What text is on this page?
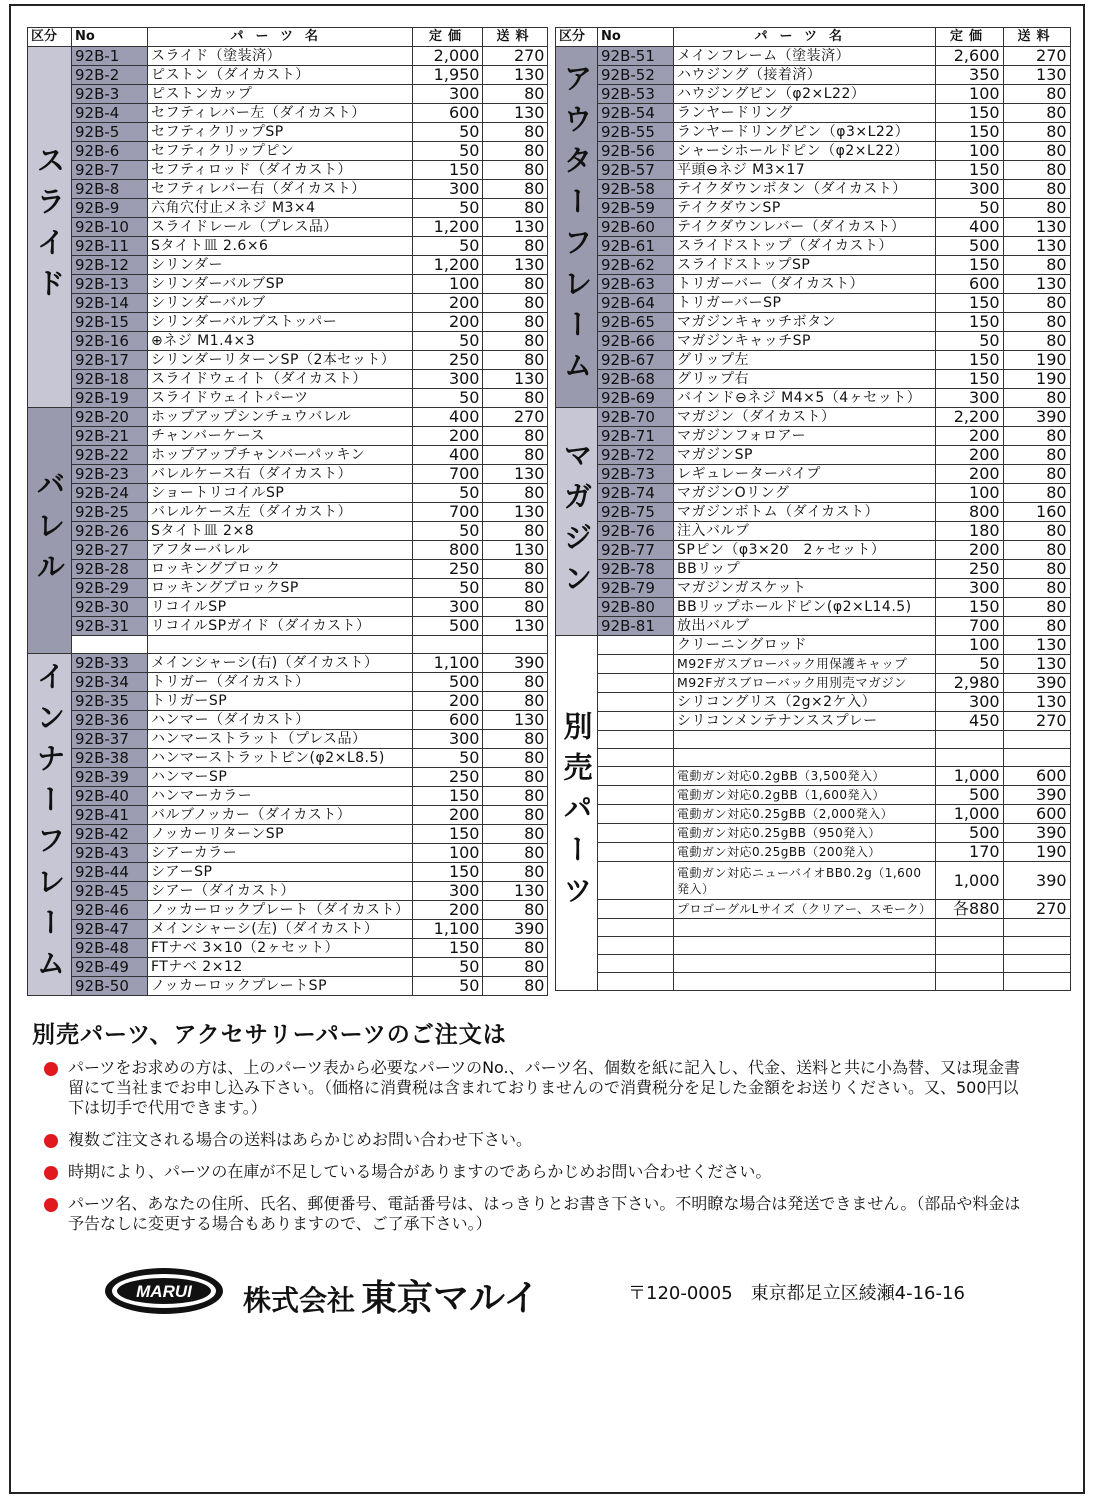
区分	No	パーツ名	定価	送料

スライド	92B-1	スライド（塗装済）	2,000	270
	92B-2	ピストン（ダイカスト）	1,950	130
	92B-3	ピストンカップ	300	80
	92B-4	セフティレバー左（ダイカスト）	600	130
	92B-5	セフティクリップSP	50	80
	92B-6	セフティクリップピン	50	80
	92B-7	セフティロッド（ダイカスト）	150	80
	92B-8	セフティレバー右（ダイカスト）	300	80
	92B-9	六角穴付止メネジ M3×4	50	80
	92B-10	スライドレール（プレス品）	1,200	130
	92B-11	Sタイト皿 2.6×6	50	80
	92B-12	シリンダー	1,200	130
	92B-13	シリンダーバルブSP	100	80
	92B-14	シリンダーバルブ	200	80
	92B-15	シリンダーバルブストッパー	200	80
	92B-16	⊕ネジ M1.4×3	50	80
	92B-17	シリンダーリターンSP（2本セット）	250	80
	92B-18	スライドウェイト（ダイカスト）	300	130
	92B-19	スライドウェイトパーツ	50	80

バレル	92B-20	ホップアップシンチュウバレル	400	270
	92B-21	チャンバーケース	200	80
	92B-22	ホップアップチャンバーパッキン	400	80
	92B-23	バレルケース右（ダイカスト）	700	130
	92B-24	ショートリコイルSP	50	80
	92B-25	バレルケース左（ダイカスト）	700	130
	92B-26	Sタイト皿 2×8	50	80
	92B-27	アフターバレル	800	130
	92B-28	ロッキングブロック	250	80
	92B-29	ロッキングブロックSP	50	80
	92B-30	リコイルSP	300	80
	92B-31	リコイルSPガイド（ダイカスト）	500	130

インナーフレーム	92B-33	メインシャーシ(右)（ダイカスト）	1,100	390
	92B-34	トリガー（ダイカスト）	500	80
	92B-35	トリガーSP	200	80
	92B-36	ハンマー（ダイカスト）	600	130
	92B-37	ハンマーストラット（プレス品）	300	80
	92B-38	ハンマーストラットピン(φ2×L8.5)	50	80
	92B-39	ハンマーSP	250	80
	92B-40	ハンマーカラー	150	80
	92B-41	バルブノッカー（ダイカスト）	200	80
	92B-42	ノッカーリターンSP	150	80
	92B-43	シアーカラー	100	80
	92B-44	シアーSP	150	80
	92B-45	シアー（ダイカスト）	300	130
	92B-46	ノッカーロックプレート（ダイカスト）	200	80
	92B-47	メインシャーシ(左)（ダイカスト）	1,100	390
	92B-48	FTナベ 3×10（2ヶセット）	150	80
	92B-49	FTナベ 2×12	50	80
	92B-50	ノッカーロックプレートSP	50	80
区分	No	パーツ名	定価	送料

アウターフレーム	92B-51	メインフレーム（塗装済）	2,600	270
	92B-52	ハウジング（接着済）	350	130
	92B-53	ハウジングピン（φ2×L22）	100	80
	92B-54	ランヤードリング	150	80
	92B-55	ランヤードリングピン（φ3×L22）	150	80
	92B-56	シャーシホールドピン（φ2×L22）	100	80
	92B-57	平頭⊖ネジ M3×17	150	80
	92B-58	テイクダウンボタン（ダイカスト）	300	80
	92B-59	テイクダウンSP	50	80
	92B-60	テイクダウンレバー（ダイカスト）	400	130
	92B-61	スライドストップ（ダイカスト）	500	130
	92B-62	スライドストップSP	150	80
	92B-63	トリガーバー（ダイカスト）	600	130
	92B-64	トリガーバーSP	150	80
	92B-65	マガジンキャッチボタン	150	80
	92B-66	マガジンキャッチSP	50	80
	92B-67	グリップ左	150	190
	92B-68	グリップ右	150	190
	92B-69	バインド⊖ネジ M4×5（4ヶセット）	300	80

マガジン	92B-70	マガジン（ダイカスト）	2,200	390
	92B-71	マガジンフォロアー	200	80
	92B-72	マガジンSP	200	80
	92B-73	レギュレーターパイプ	200	80
	92B-74	マガジンOリング	100	80
	92B-75	マガジンボトム（ダイカスト）	800	160
	92B-76	注入バルブ	180	80
	92B-77	SPピン（φ3×20　2ヶセット）	200	80
	92B-78	BBリップ	250	80
	92B-79	マガジンガスケット	300	80
	92B-80	BBリップホールドピン(φ2×L14.5)	150	80
	92B-81	放出バルブ	700	80

別売パーツ		クリーニングロッド	100	130
		M92Fガスブローバック用保護キャップ	50	130
		M92Fガスブローバック用別売マガジン	2,980	390
		シリコングリス（2g×2ケ入）	300	130
		シリコンメンテナンススプレー	450	270

		電動ガン対応0.2gBB（3,500発入）	1,000	600
		電動ガン対応0.2gBB（1,600発入）	500	390
		電動ガン対応0.25gBB（2,000発入）	1,000	600
		電動ガン対応0.25gBB（950発入）	500	390
		電動ガン対応0.25gBB（200発入）	170	190
		電動ガン対応ニューバイオBB0.2g（1,600発入）	1,000	390
		プロゴーグルLサイズ（クリアー、スモーク）	各880	270

別売パーツ、アクセサリーパーツのご注文は
パーツをお求めの方は、上のパーツ表から必要なパーツのNo.、パーツ名、個数を紙に記入し、代金、送料と共に小為替、又は現金書留にて当社までお申し込み下さい。（価格に消費税は含まれておりませんので消費税分を足した金額をお送りください。又、500円以下は切手で代用できます。）
複数ご注文される場合の送料はあらかじめお問い合わせ下さい。
時期により、パーツの在庫が不足している場合がありますのであらかじめお問い合わせください。
パーツ名、あなたの住所、氏名、郵便番号、電話番号は、はっきりとお書き下さい。不明瞭な場合は発送できません。（部品や料金は予告なしに変更する場合もありますので、ご了承下さい。）
MARUI 株式会社 東京マルイ	〒120-0005　東京都足立区綾瀬4-16-16
